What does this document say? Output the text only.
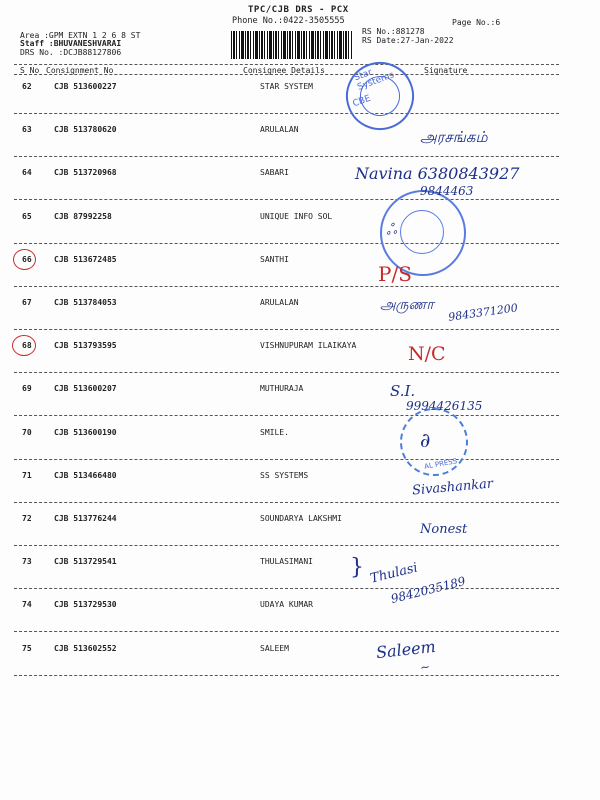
TPC/CJB DRS - PCX
Phone No.:0422-3505555	Page No.:6
Area :GPM EXTN 1 2 6 8 ST
Staff :BHUVANESHVARAI
DRS No. :DCJB88127806
RS No.:881278
RS Date:27-Jan-2022
S No Consignment No	Consignee Details	Signature
62	CJB 513600227	STAR SYSTEM
63	CJB 513780620	ARULALAN
64	CJB 513720968	SABARI
65	CJB 87992258	UNIQUE INFO SOL
66	CJB 513672485	SANTHI
67	CJB 513784053	ARULALAN
68	CJB 513793595	VISHNUPURAM ILAIKAYA
69	CJB 513600207	MUTHURAJA
70	CJB 513600190	SMILE.
71	CJB 513466480	SS SYSTEMS
72	CJB 513776244	SOUNDARYA LAKSHMI
73	CJB 513729541	THULASIMANI
74	CJB 513729530	UDAYA KUMAR
75	CJB 513602552	SALEEM
Star Systems
CBE
AL PRESS
அரசங்கம்
Navina 6380843927
9844463
ஃ
P/S
அருணா 9843371200
N/C
S.I.
9994426135
∂
Sivashankar
Nonest
} Thulasi
9842035189
Saleem
~
